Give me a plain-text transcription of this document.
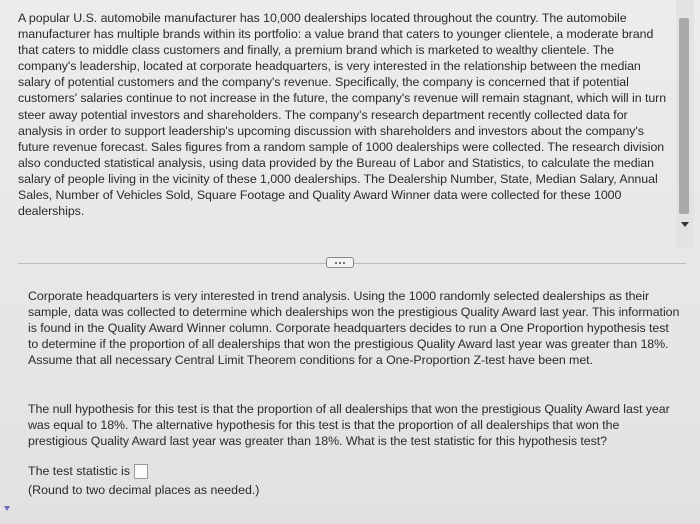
A popular U.S. automobile manufacturer has 10,000 dealerships located throughout the country. The automobile manufacturer has multiple brands within its portfolio: a value brand that caters to younger clientele, a moderate brand that caters to middle class customers and finally, a premium brand which is marketed to wealthy clientele. The company's leadership, located at corporate headquarters, is very interested in the relationship between the median salary of potential customers and the company's revenue. Specifically, the company is concerned that if potential customers' salaries continue to not increase in the future, the company's revenue will remain stagnant, which will in turn steer away potential investors and shareholders. The company's research department recently collected data for analysis in order to support leadership's upcoming discussion with shareholders and investors about the company's future revenue forecast. Sales figures from a random sample of 1000 dealerships were collected. The research division also conducted statistical analysis, using data provided by the Bureau of Labor and Statistics, to calculate the median salary of people living in the vicinity of these 1,000 dealerships. The Dealership Number, State, Median Salary, Annual Sales, Number of Vehicles Sold, Square Footage and Quality Award Winner data were collected for these 1000 dealerships.

Corporate headquarters is very interested in trend analysis. Using the 1000 randomly selected dealerships as their sample, data was collected to determine which dealerships won the prestigious Quality Award last year. This information is found in the Quality Award Winner column. Corporate headquarters decides to run a One Proportion hypothesis test to determine if the proportion of all dealerships that won the prestigious Quality Award last year was greater than 18%. Assume that all necessary Central Limit Theorem conditions for a One-Proportion Z-test have been met.

The null hypothesis for this test is that the proportion of all dealerships that won the prestigious Quality Award last year was equal to 18%. The alternative hypothesis for this test is that the proportion of all dealerships that won the prestigious Quality Award last year was greater than 18%. What is the test statistic for this hypothesis test?

The test statistic is
(Round to two decimal places as needed.)
